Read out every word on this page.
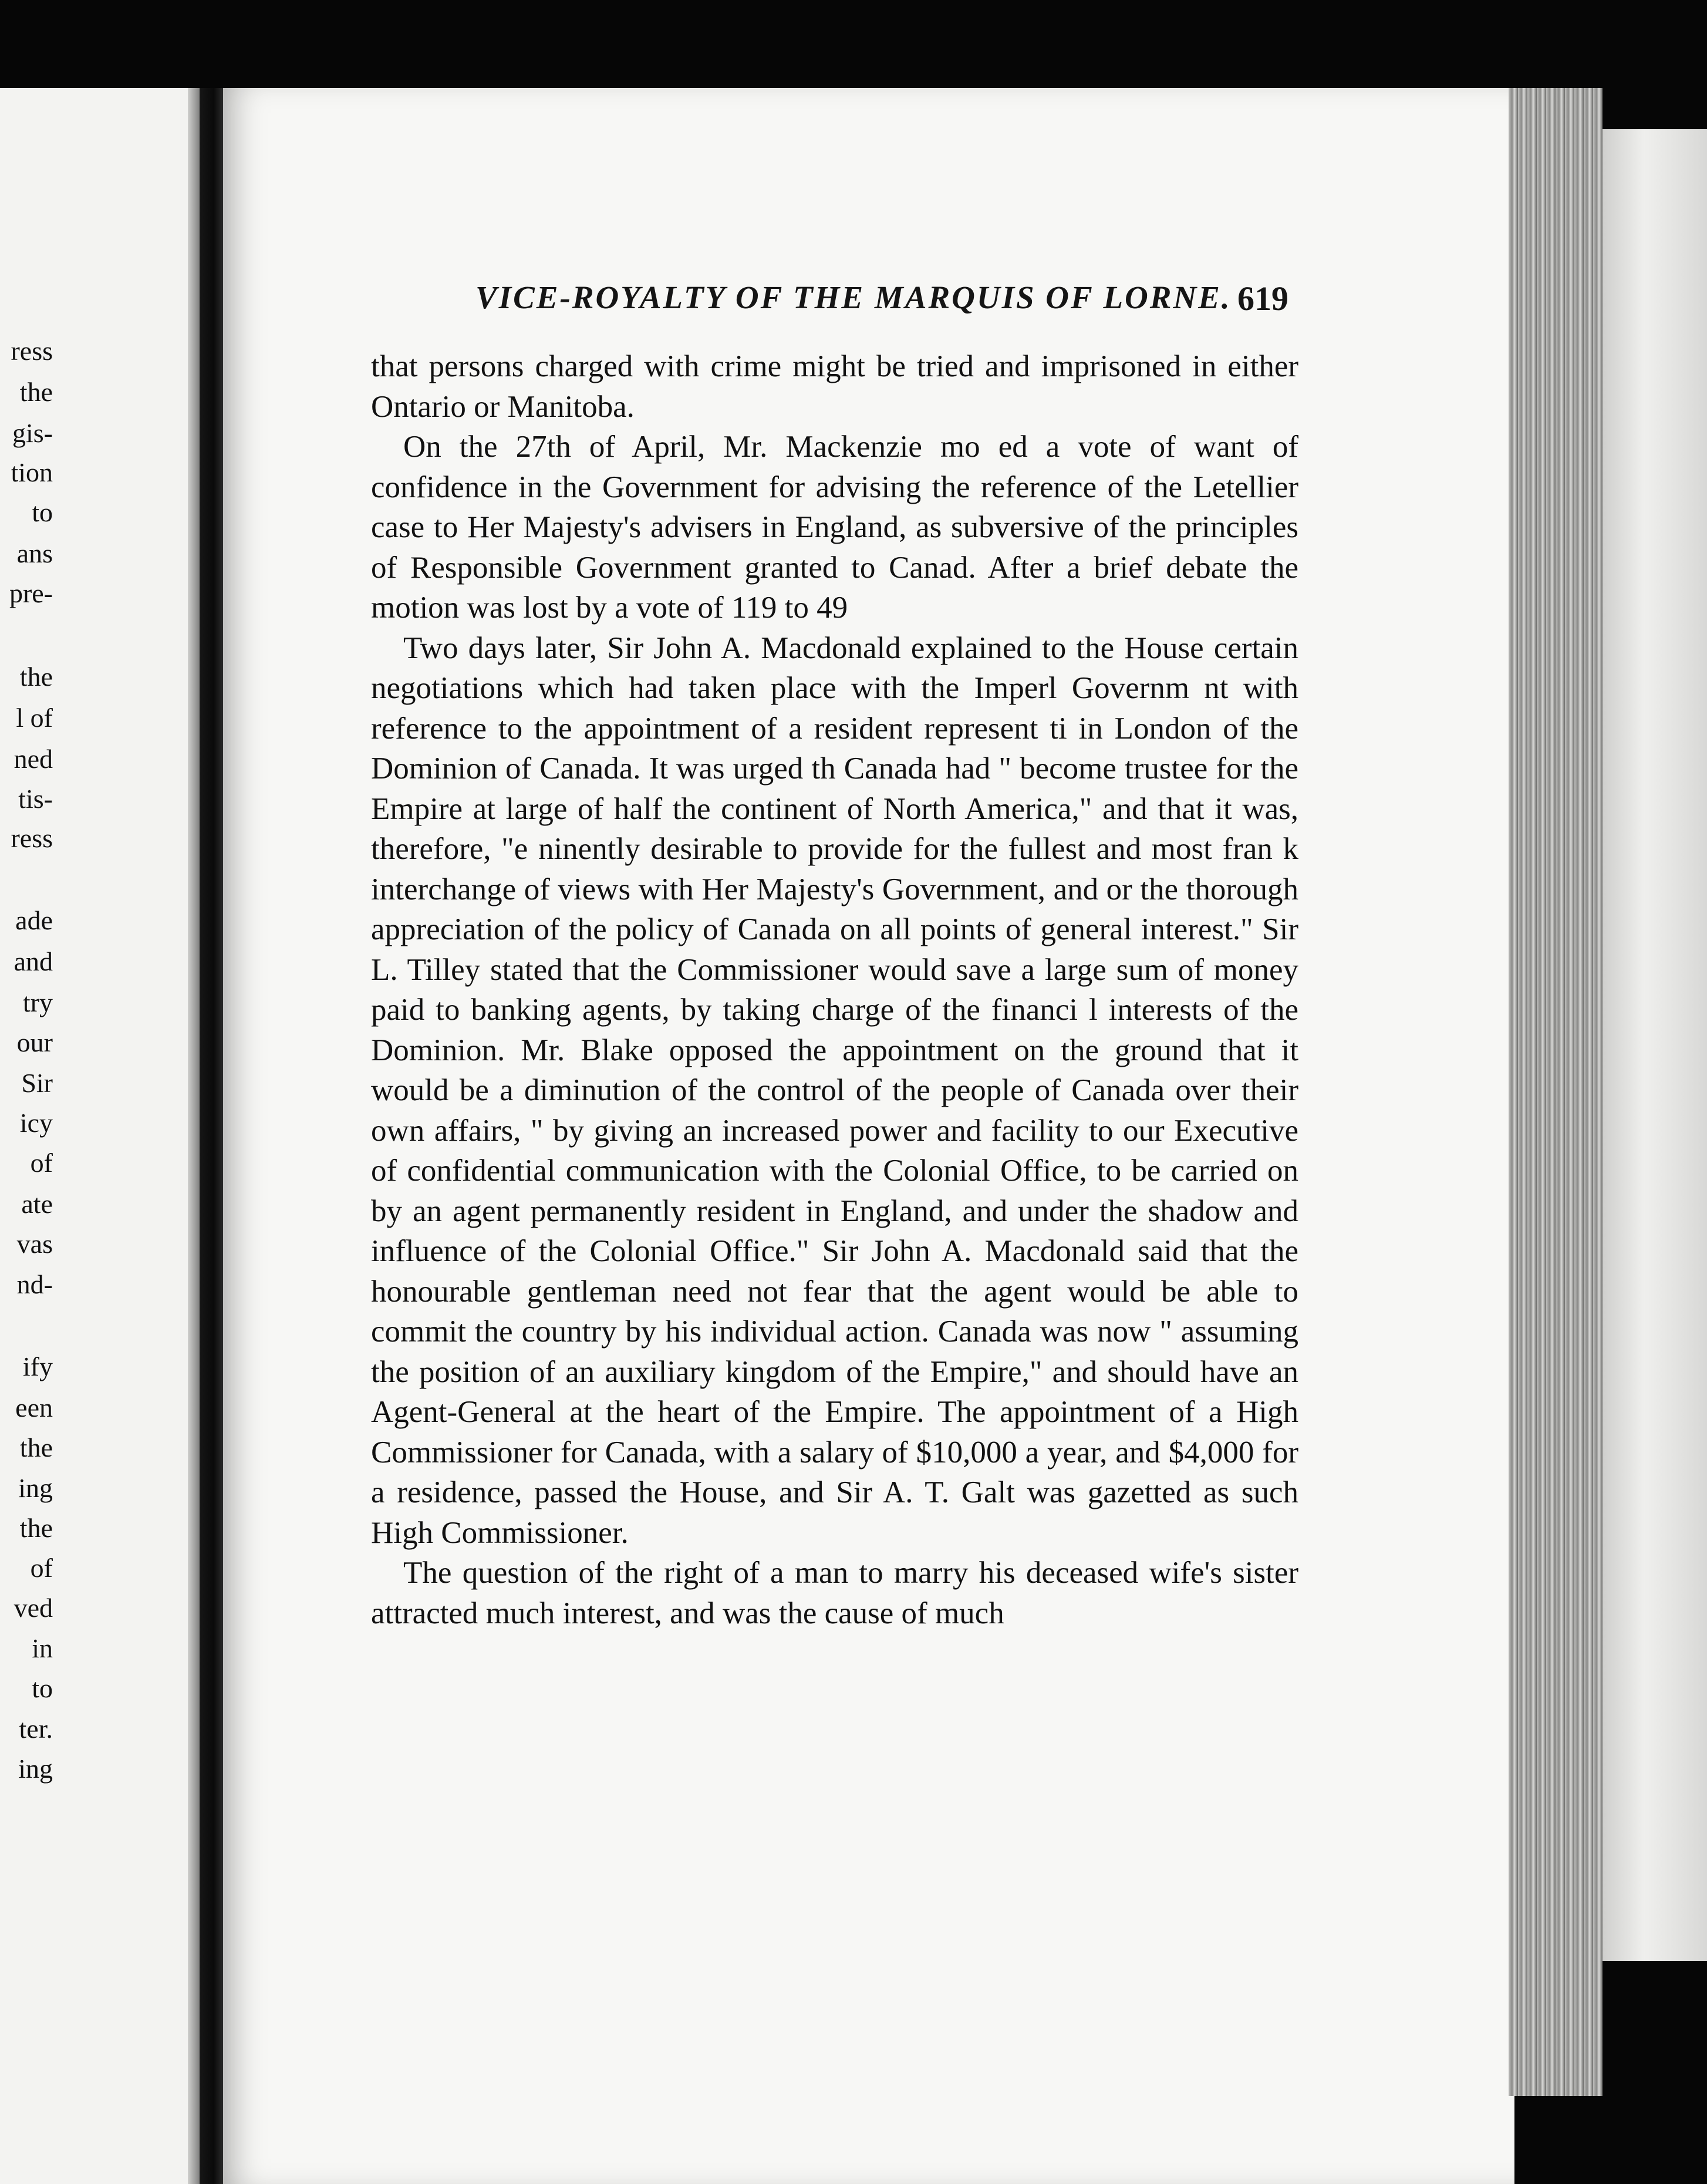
ress
the
gis-
tion
to
ans
pre-
the
l of
ned
tis-
ress
ade
and
try
our
Sir
icy
of
ate
vas
nd-
ify
een
the
ing
the
of
ved
in
to
ter.
ing
VICE-ROYALTY OF THE MARQUIS OF LORNE. 619

that persons charged with crime might be tried and imprisoned in either Ontario or Manitoba.

On the 27th of April, Mr. Mackenzie mo ed a vote of want of confidence in the Government for advising the reference of the Letellier case to Her Majesty's advisers in England, as subversive of the principles of Responsible Government granted to Canad. After a brief debate the motion was lost by a vote of 119 to 49

Two days later, Sir John A. Macdonald explained to the House certain negotiations which had taken place with the Imperl Governm nt with reference to the appointment of a resident represent ti in London of the Dominion of Canada. It was urged th Canada had " become trustee for the Empire at large of half the continent of North America," and that it was, therefore, "e ninently desirable to provide for the fullest and most fran k interchange of views with Her Majesty's Government, and or the thorough appreciation of the policy of Canada on all points of general interest." Sir L. Tilley stated that the Commissioner would save a large sum of money paid to banking agents, by taking charge of the financi l interests of the Dominion. Mr. Blake opposed the appointment on the ground that it would be a diminution of the control of the people of Canada over their own affairs, " by giving an increased power and facility to our Executive of confidential communication with the Colonial Office, to be carried on by an agent permanently resident in England, and under the shadow and influence of the Colonial Office." Sir John A. Macdonald said that the honourable gentleman need not fear that the agent would be able to commit the country by his individual action. Canada was now " assuming the position of an auxiliary kingdom of the Empire," and should have an Agent-General at the heart of the Empire. The appointment of a High Commissioner for Canada, with a salary of $10,000 a year, and $4,000 for a residence, passed the House, and Sir A. T. Galt was gazetted as such High Commissioner.

The question of the right of a man to marry his deceased wife's sister attracted much interest, and was the cause of much
